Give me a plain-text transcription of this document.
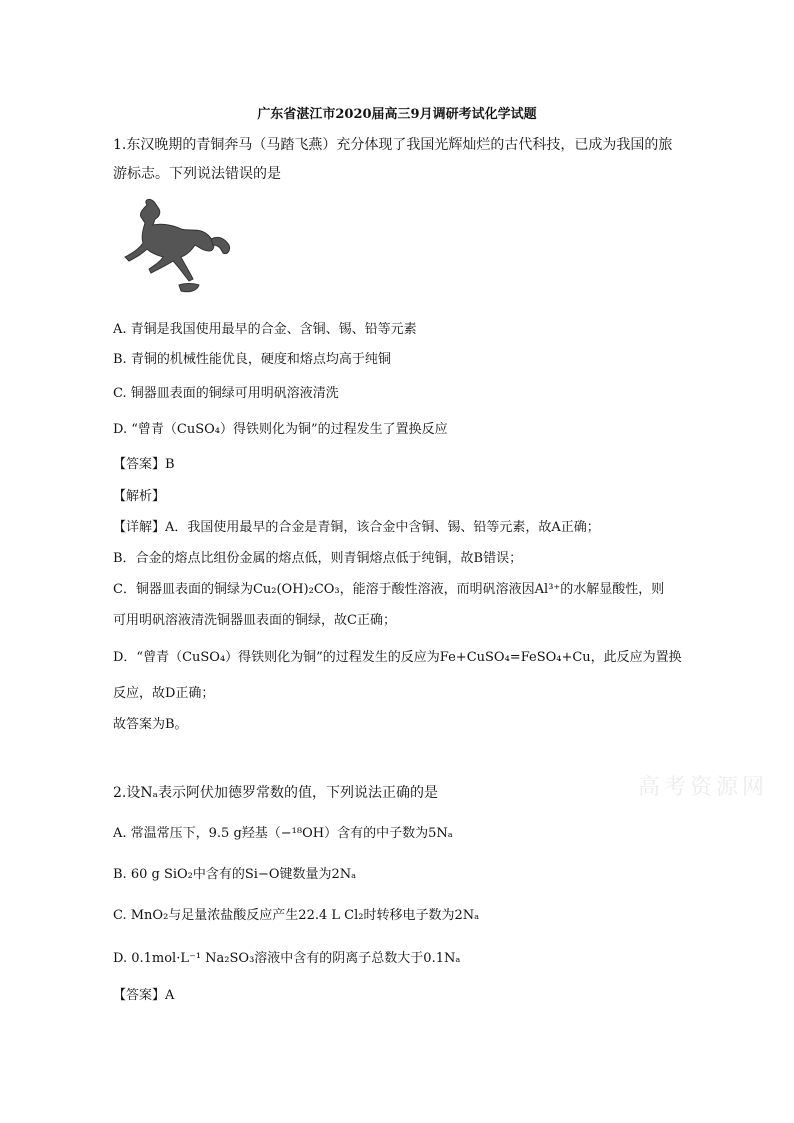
广东省湛江市2020届高三9月调研考试化学试题
1.东汉晚期的青铜奔马（马踏飞燕）充分体现了我国光辉灿烂的古代科技，已成为我国的旅
游标志。下列说法错误的是
A. 青铜是我国使用最早的合金、含铜、锡、铅等元素
B. 青铜的机械性能优良，硬度和熔点均高于纯铜
C. 铜器皿表面的铜绿可用明矾溶液清洗
D. “曾青（CuSO₄）得铁则化为铜”的过程发生了置换反应
【答案】B
【解析】
【详解】A．我国使用最早的合金是青铜，该合金中含铜、锡、铅等元素，故A正确；
B．合金的熔点比组份金属的熔点低，则青铜熔点低于纯铜，故B错误；
C．铜器皿表面的铜绿为Cu₂(OH)₂CO₃，能溶于酸性溶液，而明矾溶液因Al³⁺的水解显酸性，则
可用明矾溶液清洗铜器皿表面的铜绿，故C正确；
D．“曾青（CuSO₄）得铁则化为铜”的过程发生的反应为Fe+CuSO₄=FeSO₄+Cu，此反应为置换
反应，故D正确；
故答案为B。
高考资源网
2.设Nₐ表示阿伏加德罗常数的值，下列说法正确的是
A. 常温常压下，9.5 g羟基（−¹⁸OH）含有的中子数为5Nₐ
B. 60 g SiO₂中含有的Si−O键数量为2Nₐ
C. MnO₂与足量浓盐酸反应产生22.4 L Cl₂时转移电子数为2Nₐ
D. 0.1mol·L⁻¹ Na₂SO₃溶液中含有的阴离子总数大于0.1Nₐ
【答案】A
